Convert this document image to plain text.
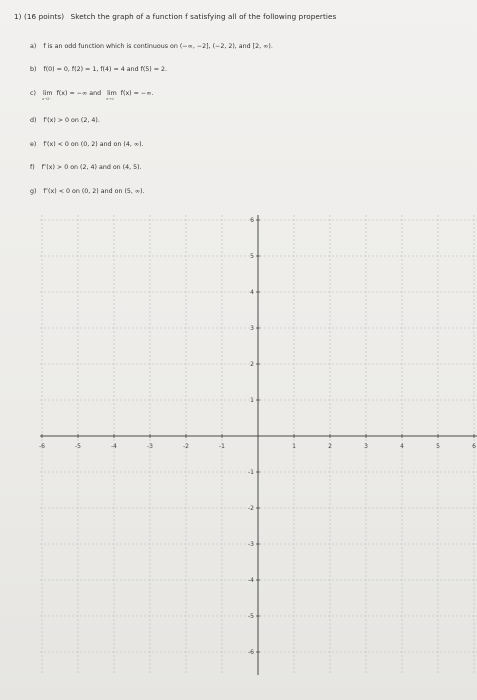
1) (16 points) Sketch the graph of a function f satisfying all of the following properties
a) f is an odd function which is continuous on (−∞, −2], (−2, 2), and [2, ∞).
b) f(0) = 0, f(2) = 1, f(4) = 4 and f(5) = 2.
c) lim
x→2⁻
f(x) = −∞ and lim
x→∞
f(x) = −∞.
d) f′(x) > 0 on (2, 4).
e) f′(x) < 0 on (0, 2) and on (4, ∞).
f) f″(x) > 0 on (2, 4) and on (4, 5).
g) f″(x) < 0 on (0, 2) and on (5, ∞).
-6	-5	-4	-3	-2	-1	1	2	3	4	5	6
6
5
4
3
2
1
-1
-2
-3
-4
-5
-6
